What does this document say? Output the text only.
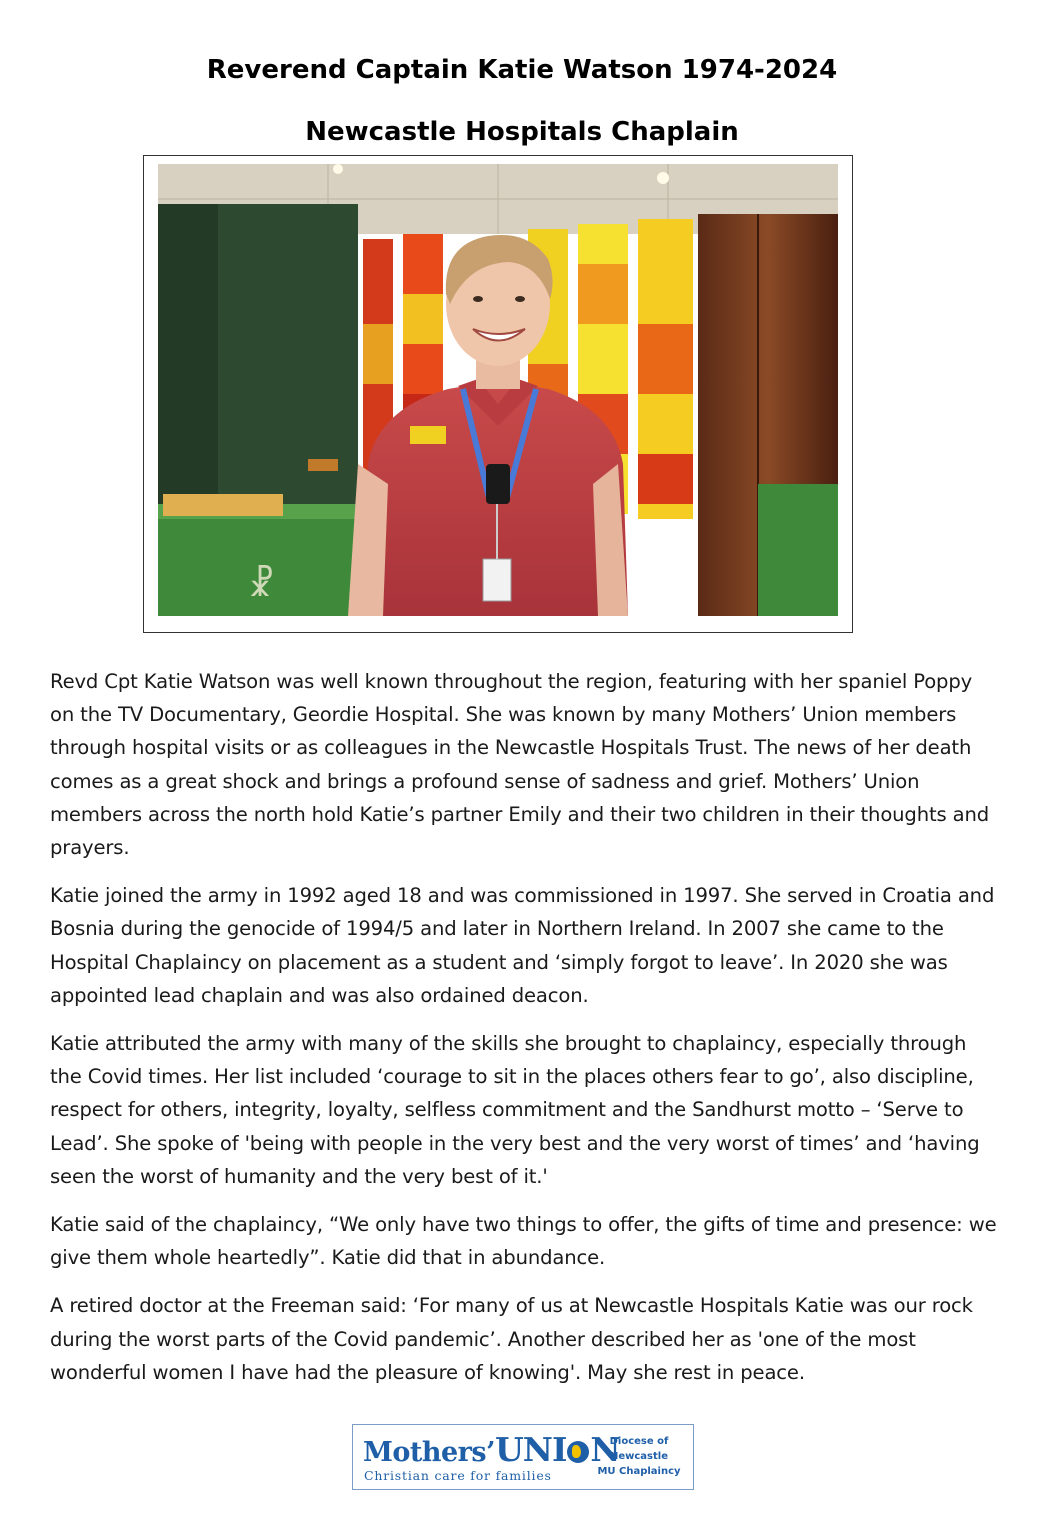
Reverend Captain Katie Watson 1974-2024
Newcastle Hospitals Chaplain
☧

Revd Cpt Katie Watson was well known throughout the region, featuring with her spaniel Poppy on the TV Documentary, Geordie Hospital. She was known by many Mothers’ Union members through hospital visits or as colleagues in the Newcastle Hospitals Trust. The news of her death comes as a great shock and brings a profound sense of sadness and grief. Mothers’ Union members across the north hold Katie’s partner Emily and their two children in their thoughts and prayers.

Katie joined the army in 1992 aged 18 and was commissioned in 1997. She served in Croatia and Bosnia during the genocide of 1994/5 and later in Northern Ireland. In 2007 she came to the Hospital Chaplaincy on placement as a student and ‘simply forgot to leave’. In 2020 she was appointed lead chaplain and was also ordained deacon.

Katie attributed the army with many of the skills she brought to chaplaincy, especially through the Covid times. Her list included ‘courage to sit in the places others fear to go’, also discipline, respect for others, integrity, loyalty, selfless commitment and the Sandhurst motto – ‘Serve to Lead’. She spoke of 'being with people in the very best and the very worst of times’ and ‘having seen the worst of humanity and the very best of it.'

Katie said of the chaplaincy, “We only have two things to offer, the gifts of time and presence: we give them whole heartedly”. Katie did that in abundance.

A retired doctor at the Freeman said: ‘For many of us at Newcastle Hospitals Katie was our rock during the worst parts of the Covid pandemic’. Another described her as 'one of the most wonderful women I have had the pleasure of knowing'. May she rest in peace.

Mothers’UNI N
Christian care for families
Diocese of
Newcastle
MU Chaplaincy
